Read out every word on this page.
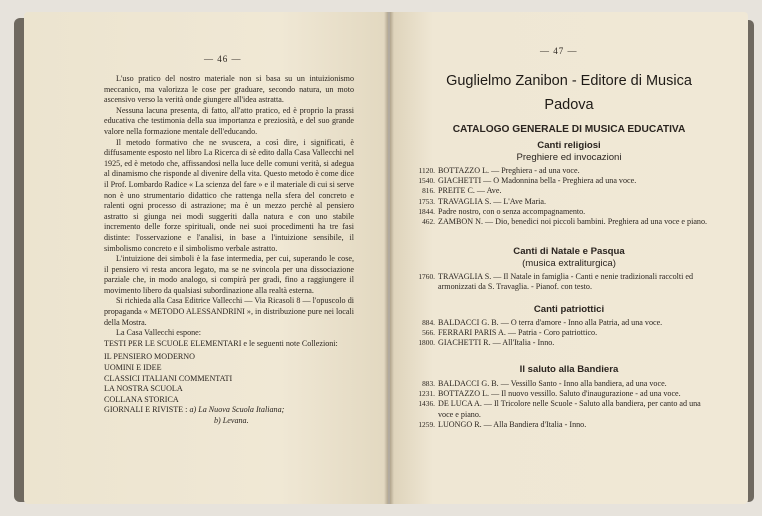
— 46 —

L'uso pratico del nostro materiale non si basa su un intuizionismo meccanico, ma valorizza le cose per graduare, secondo natura, un moto ascensivo verso la verità onde giungere all'idea astratta.

Nessuna lacuna presenta, di fatto, all'atto pratico, ed è proprio la prassi educativa che testimonia della sua importanza e preziosità, e del suo grande valore nella formazione mentale dell'educando.

Il metodo formativo che ne svuscera, a così dire, i significati, è diffusamente esposto nel libro La Ricerca di sè edito dalla Casa Vallecchi nel 1925, ed è metodo che, affissandosi nella luce delle comuni verità, si adegua al dinamismo che risponde al divenire della vita. Questo metodo è come dice il Prof. Lombardo Radice « La scienza del fare » e il materiale di cui si serve non è uno strumentario didattico che rattenga nella sfera del concreto e ralenti ogni processo di astrazione; ma è un mezzo perchè al pensiero astratto si giunga nei modi suggeriti dalla natura e con uno stabile incremento delle forze spirituali, onde nei suoi procedimenti ha tre fasi distinte: l'osservazione e l'analisi, in base a l'intuizione sensibile, il simbolismo concreto e il simbolismo verbale astratto.

L'intuizione dei simboli è la fase intermedia, per cui, superando le cose, il pensiero vi resta ancora legato, ma se ne svincola per una dissociazione parziale che, in modo analogo, si compirà per gradi, fino a raggiungere il movimento libero da qualsiasi subordinazione alla realtà esterna.

Si richieda alla Casa Editrice Vallecchi — Via Ricasoli 8 — l'opuscolo di propaganda « METODO ALESSANDRINI », in distribuzione pure nei locali della Mostra.

La Casa Vallecchi espone:

TESTI PER LE SCUOLE ELEMENTARI e le seguenti note Collezioni:

IL PENSIERO MODERNO
UOMINI E IDEE
CLASSICI ITALIANI COMMENTATI
LA NOSTRA SCUOLA
COLLANA STORICA
GIORNALI E RIVISTE : a) La Nuova Scuola Italiana;
b) Levana.
— 47 —
Guglielmo Zanibon - Editore di Musica
Padova
CATALOGO GENERALE DI MUSICA EDUCATIVA
Canti religiosi
Preghiere ed invocazioni
1120. BOTTAZZO L. — Preghiera - ad una voce.
1540. GIACHETTI — O Madonnina bella - Preghiera ad una voce.
816. PREITE C. — Ave.
1753. TRAVAGLIA S. — L'Ave Maria.
1844. Padre nostro, con o senza accompagnamento.
462. ZAMBON N. — Dio, benedici noi piccoli bambini. Preghiera ad una voce e piano.
Canti di Natale e Pasqua
(musica extraliturgica)
1760. TRAVAGLIA S. — Il Natale in famiglia - Canti e nenie tradizionali raccolti ed armonizzati da S. Travaglia. - Pianof. con testo.
Canti patriottici
884. BALDACCI G. B. — O terra d'amore - Inno alla Patria, ad una voce.
566. FERRARI PARIS A. — Patria - Coro patriottico.
1800. GIACHETTI R. — All'Italia - Inno.
Il saluto alla Bandiera
883. BALDACCI G. B. — Vessillo Santo - Inno alla bandiera, ad una voce.
1231. BOTTAZZO L. — Il nuovo vessillo. Saluto d'inaugurazione - ad una voce.
1436. DE LUCA A. — Il Tricolore nelle Scuole - Saluto alla bandiera, per canto ad una voce e piano.
1259. LUONGO R. — Alla Bandiera d'Italia - Inno.
